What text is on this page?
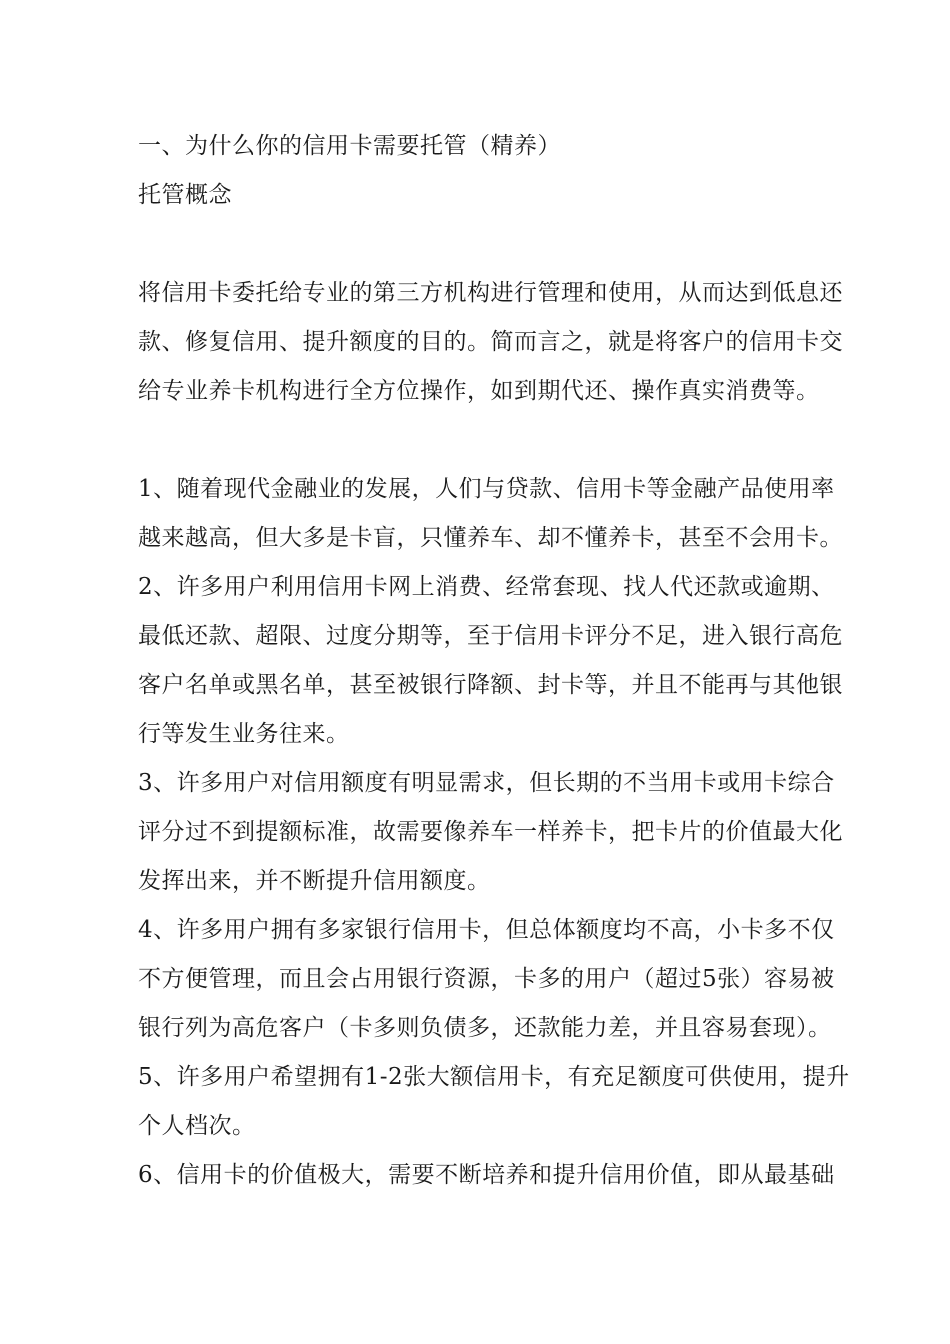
一、为什么你的信用卡需要托管（精养）
托管概念
将信用卡委托给专业的第三方机构进行管理和使用，从而达到低息还
款、修复信用、提升额度的目的。简而言之，就是将客户的信用卡交
给专业养卡机构进行全方位操作，如到期代还、操作真实消费等。
1、随着现代金融业的发展，人们与贷款、信用卡等金融产品使用率
越来越高，但大多是卡盲，只懂养车、却不懂养卡，甚至不会用卡。
2、许多用户利用信用卡网上消费、经常套现、找人代还款或逾期、
最低还款、超限、过度分期等，至于信用卡评分不足，进入银行高危
客户名单或黑名单，甚至被银行降额、封卡等，并且不能再与其他银
行等发生业务往来。
3、许多用户对信用额度有明显需求，但长期的不当用卡或用卡综合
评分过不到提额标准，故需要像养车一样养卡，把卡片的价值最大化
发挥出来，并不断提升信用额度。
4、许多用户拥有多家银行信用卡，但总体额度均不高，小卡多不仅
不方便管理，而且会占用银行资源，卡多的用户（超过5张）容易被
银行列为高危客户（卡多则负债多，还款能力差，并且容易套现）。
5、许多用户希望拥有1-2张大额信用卡，有充足额度可供使用，提升
个人档次。
6、信用卡的价值极大，需要不断培养和提升信用价值，即从最基础
